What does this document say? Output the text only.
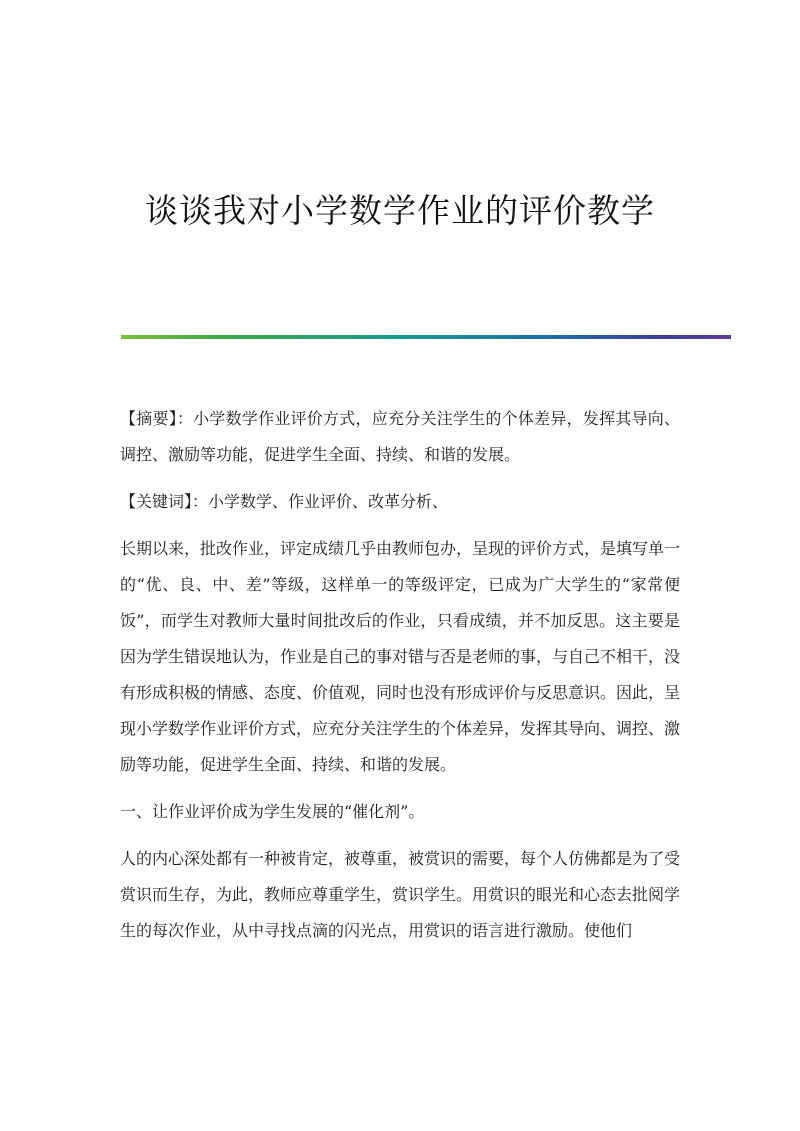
谈谈我对小学数学作业的评价教学

【摘要】：小学数学作业评价方式，应充分关注学生的个体差异，发挥其导向、调控、激励等功能，促进学生全面、持续、和谐的发展。

【关键词】：小学数学、作业评价、改革分析、

长期以来，批改作业，评定成绩几乎由教师包办，呈现的评价方式，是填写单一的“优、良、中、差”等级，这样单一的等级评定，已成为广大学生的“家常便饭”，而学生对教师大量时间批改后的作业，只看成绩，并不加反思。这主要是因为学生错误地认为，作业是自己的事对错与否是老师的事，与自己不相干，没有形成积极的情感、态度、价值观，同时也没有形成评价与反思意识。因此，呈现小学数学作业评价方式，应充分关注学生的个体差异，发挥其导向、调控、激励等功能，促进学生全面、持续、和谐的发展。

一、让作业评价成为学生发展的“催化剂”。

人的内心深处都有一种被肯定，被尊重，被赏识的需要，每个人仿佛都是为了受赏识而生存，为此，教师应尊重学生，赏识学生。用赏识的眼光和心态去批阅学生的每次作业，从中寻找点滴的闪光点，用赏识的语言进行激励。使他们
